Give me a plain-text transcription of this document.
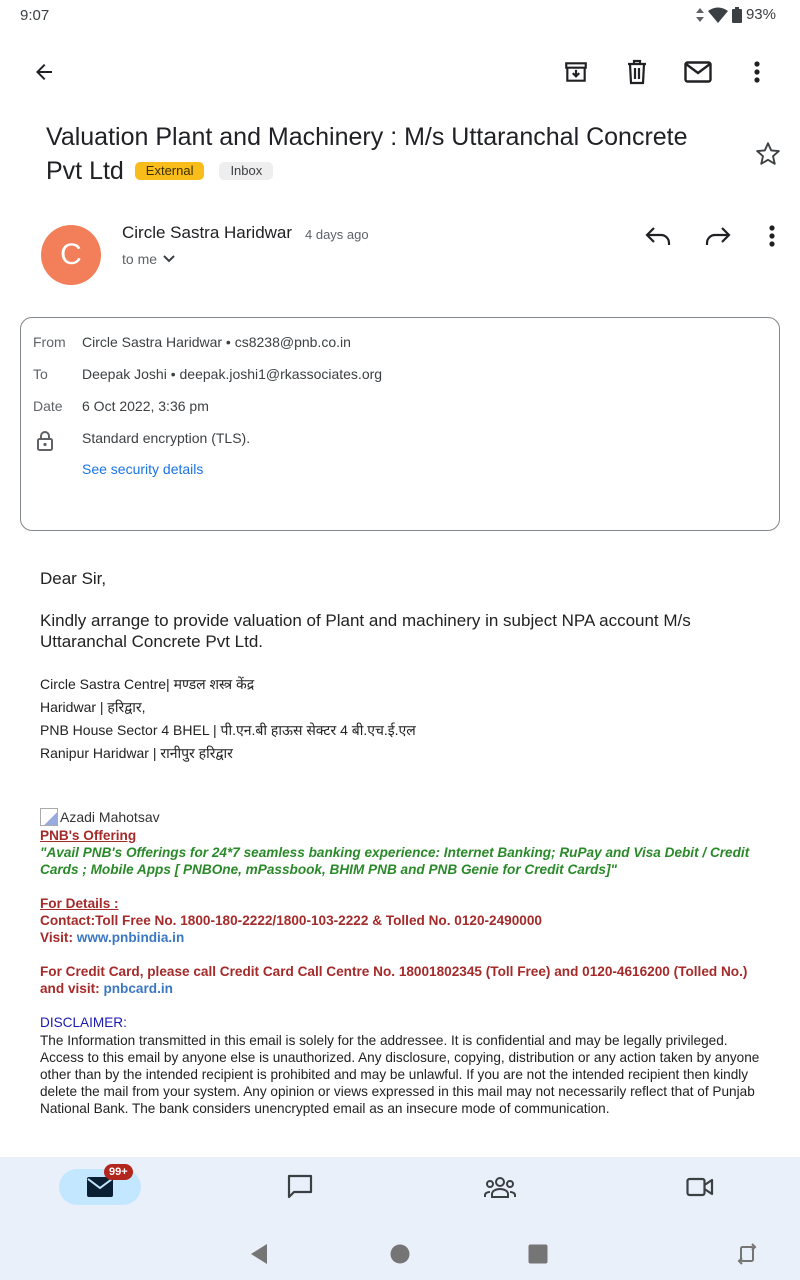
9:07	93%
Valuation Plant and Machinery : M/s Uttaranchal Concrete Pvt Ltd External	Inbox
C
Circle Sastra Haridwar 4 days ago
to me
From Circle Sastra Haridwar • cs8238@pnb.co.in
To Deepak Joshi • deepak.joshi1@rkassociates.org
Date 6 Oct 2022, 3:36 pm
Standard encryption (TLS).
See security details
Dear Sir,
Kindly arrange to provide valuation of Plant and machinery in subject NPA account M/s Uttaranchal Concrete Pvt Ltd.
Circle Sastra Centre| मण्डल शस्त्र केंद्र
Haridwar | हरिद्वार,
PNB House Sector 4 BHEL | पी.एन.बी हाऊस सेक्टर 4 बी.एच.ई.एल
Ranipur Haridwar | रानीपुर हरिद्वार
Azadi Mahotsav
PNB's Offering
"Avail PNB's Offerings for 24*7 seamless banking experience: Internet Banking; RuPay and Visa Debit / Credit Cards ; Mobile Apps [ PNBOne, mPassbook, BHIM PNB and PNB Genie for Credit Cards]"
For Details :
Contact:Toll Free No. 1800-180-2222/1800-103-2222 & Tolled No. 0120-2490000
Visit: www.pnbindia.in
For Credit Card, please call Credit Card Call Centre No. 18001802345 (Toll Free) and 0120-4616200 (Tolled No.) and visit: pnbcard.in
DISCLAIMER:
The Information transmitted in this email is solely for the addressee. It is confidential and may be legally privileged. Access to this email by anyone else is unauthorized. Any disclosure, copying, distribution or any action taken by anyone other than by the intended recipient is prohibited and may be unlawful. If you are not the intended recipient then kindly delete the mail from your system. Any opinion or views expressed in this mail may not necessarily reflect that of Punjab National Bank. The bank considers unencrypted email as an insecure mode of communication.
99+
